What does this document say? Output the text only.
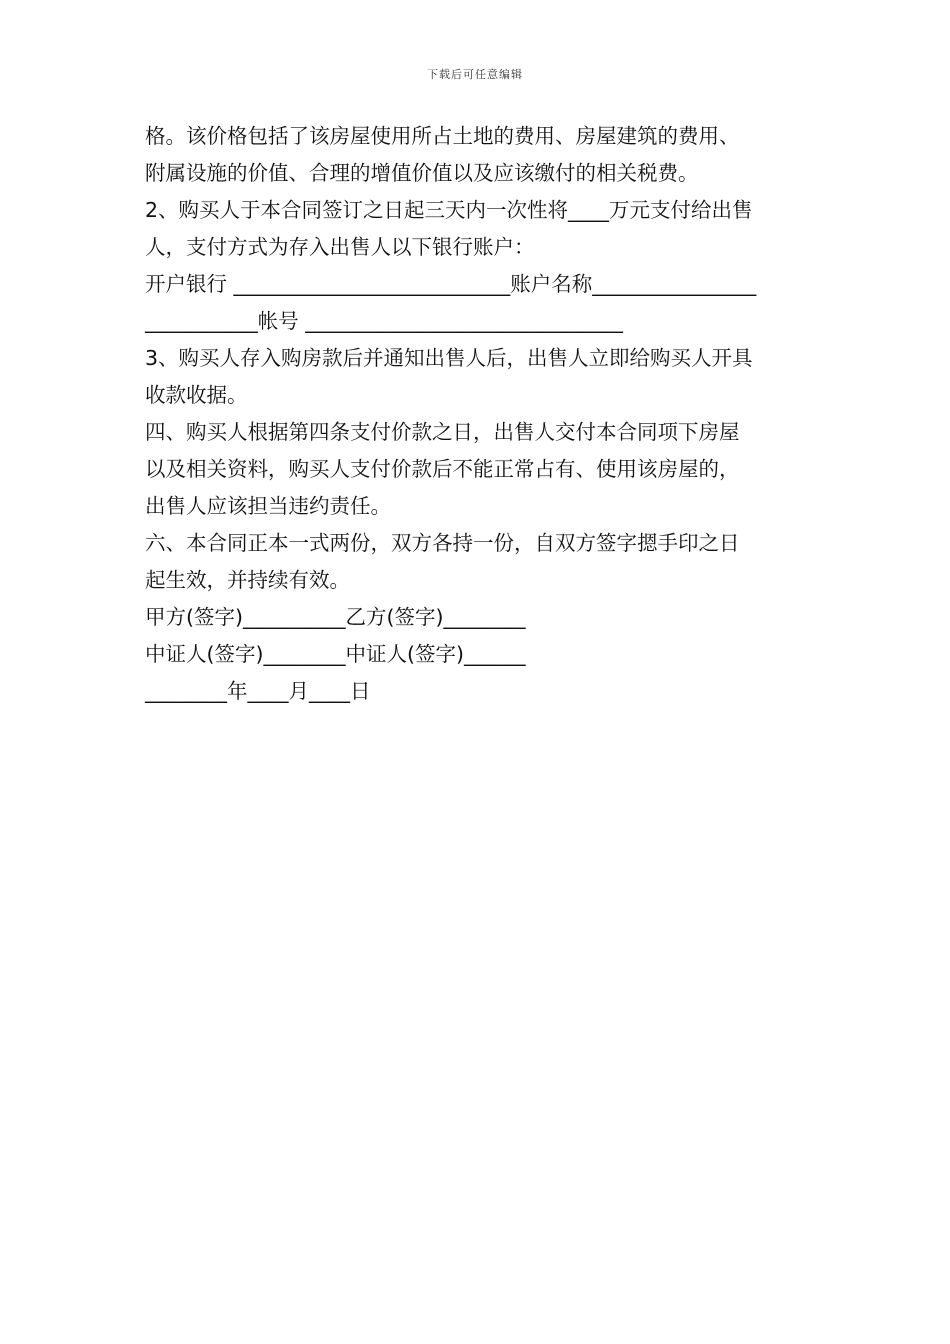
下载后可任意编辑
格。该价格包括了该房屋使用所占土地的费用、房屋建筑的费用、
附属设施的价值、合理的增值价值以及应该缴付的相关税费。
2、购买人于本合同签订之日起三天内一次性将____万元支付给出售
人，支付方式为存入出售人以下银行账户：
开户银行 ___________________________账户名称________________
___________帐号 _______________________________
3、购买人存入购房款后并通知出售人后，出售人立即给购买人开具
收款收据。
四、购买人根据第四条支付价款之日，出售人交付本合同项下房屋
以及相关资料，购买人支付价款后不能正常占有、使用该房屋的，
出售人应该担当违约责任。
六、本合同正本一式两份，双方各持一份，自双方签字摁手印之日
起生效，并持续有效。
甲方(签字)__________乙方(签字)________
中证人(签字)________中证人(签字)______
________年____月____日
